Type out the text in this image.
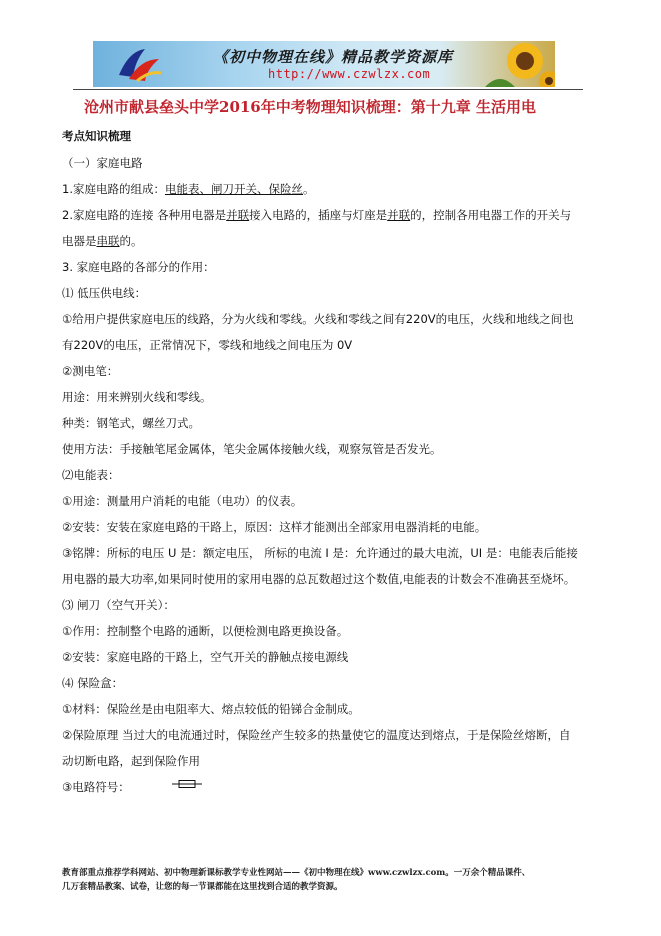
《初中物理在线》精品教学资源库
http://www.czwlzx.com
沧州市献县垒头中学2016年中考物理知识梳理：第十九章 生活用电
考点知识梳理
（一）家庭电路
1.家庭电路的组成：电能表、闸刀开关、保险丝。
2.家庭电路的连接 各种用电器是并联接入电路的，插座与灯座是并联的，控制各用电器工作的开关与
电器是串联的。
3. 家庭电路的各部分的作用：
⑴ 低压供电线：
①给用户提供家庭电压的线路，分为火线和零线。火线和零线之间有220V的电压，火线和地线之间也
有220V的电压，正常情况下，零线和地线之间电压为 0V
②测电笔：
用途：用来辨别火线和零线。
种类：钢笔式，螺丝刀式。
使用方法：手接触笔尾金属体，笔尖金属体接触火线，观察氖管是否发光。
⑵电能表：
①用途：测量用户消耗的电能（电功）的仪表。
②安装：安装在家庭电路的干路上，原因：这样才能测出全部家用电器消耗的电能。
③铭牌：所标的电压 U 是：额定电压， 所标的电流 I 是：允许通过的最大电流，UI 是：电能表后能接
用电器的最大功率,如果同时使用的家用电器的总瓦数超过这个数值,电能表的计数会不准确甚至烧坏。
⑶ 闸刀（空气开关）：
①作用：控制整个电路的通断，以便检测电路更换设备。
②安装：家庭电路的干路上，空气开关的静触点接电源线
⑷ 保险盒：
①材料：保险丝是由电阻率大、熔点较低的铅锑合金制成。
②保险原理 当过大的电流通过时，保险丝产生较多的热量使它的温度达到熔点，于是保险丝熔断，自
动切断电路，起到保险作用
③电路符号：
教育部重点推荐学科网站、初中物理新课标教学专业性网站——《初中物理在线》www.czwlzx.com。一万余个精品课件、
几万套精品教案、试卷，让您的每一节课都能在这里找到合适的教学资源。
